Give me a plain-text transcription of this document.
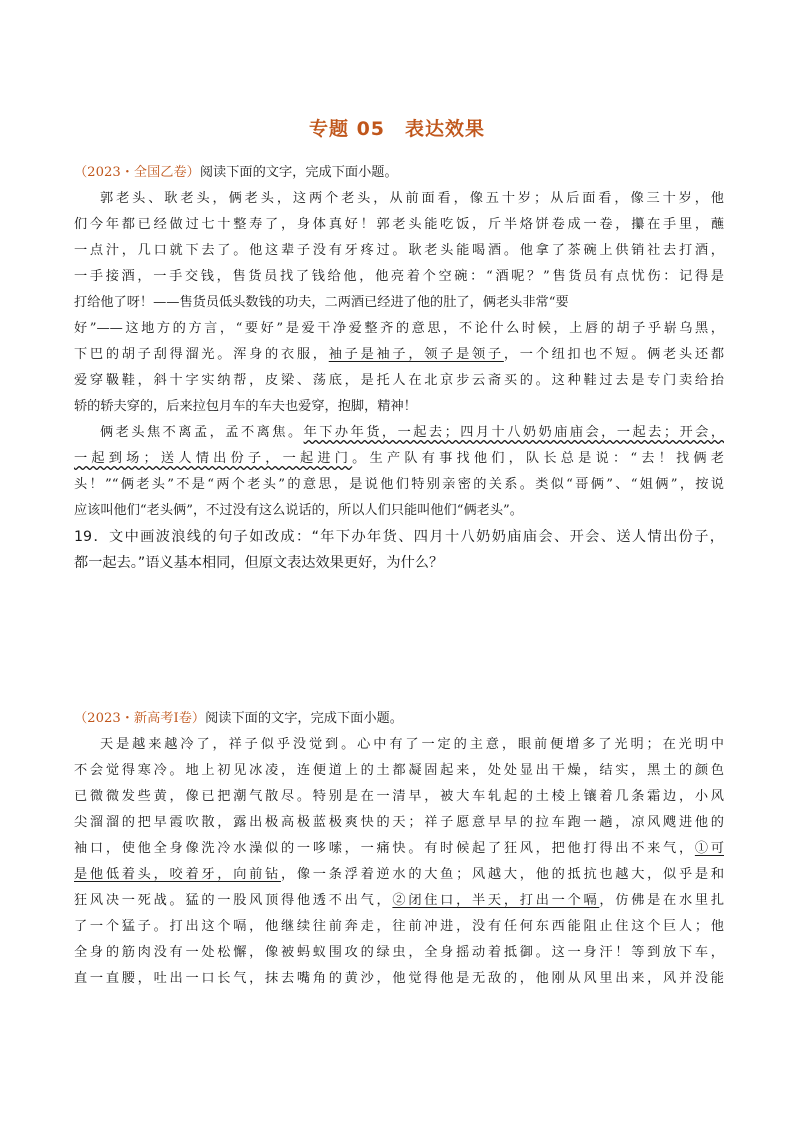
专题 05 表达效果
（2023・全国乙卷）阅读下面的文字，完成下面小题。
郭老头、耿老头，俩老头，这两个老头，从前面看，像五十岁；从后面看，像三十岁，他
们今年都已经做过七十整寿了，身体真好！郭老头能吃饭，斤半烙饼卷成一卷，攥在手里，蘸
一点汁，几口就下去了。他这辈子没有牙疼过。耿老头能喝酒。他拿了茶碗上供销社去打酒，
一手接酒，一手交钱，售货员找了钱给他，他亮着个空碗：“酒呢？”售货员有点忧伤：记得是
打给他了呀！——售货员低头数钱的功夫，二两酒已经进了他的肚了，俩老头非常“要
好”——这地方的方言，“要好”是爱干净爱整齐的意思，不论什么时候，上唇的胡子乎崭乌黑，
下巴的胡子刮得溜光。浑身的衣服，袖子是袖子，领子是领子，一个纽扣也不短。俩老头还都
爱穿靸鞋，斜十字实纳帮，皮梁、荡底，是托人在北京步云斋买的。这种鞋过去是专门卖给抬
轿的轿夫穿的，后来拉包月车的车夫也爱穿，抱脚，精神！
俩老头焦不离孟，孟不离焦。年下办年货，一起去；四月十八奶奶庙庙会，一起去；开会，
一起到场；送人情出份子，一起进门。生产队有事找他们，队长总是说：“去！找俩老
头！”“俩老头”不是“两个老头”的意思，是说他们特别亲密的关系。类似“哥俩”、“姐俩”，按说
应该叫他们“老头俩”，不过没有这么说话的，所以人们只能叫他们“俩老头”。
19．文中画波浪线的句子如改成：“年下办年货、四月十八奶奶庙庙会、开会、送人情出份子，
都一起去。”语义基本相同，但原文表达效果更好，为什么？
（2023・新高考Ⅰ卷）阅读下面的文字，完成下面小题。
天是越来越冷了，祥子似乎没觉到。心中有了一定的主意，眼前便增多了光明；在光明中
不会觉得寒冷。地上初见冰凌，连便道上的土都凝固起来，处处显出干燥，结实，黑土的颜色
已微微发些黄，像已把潮气散尽。特别是在一清早，被大车轧起的土棱上镶着几条霜边，小风
尖溜溜的把早霞吹散，露出极高极蓝极爽快的天；祥子愿意早早的拉车跑一趟，凉风飕进他的
袖口，使他全身像洗冷水澡似的一哆嗦，一痛快。有时候起了狂风，把他打得出不来气，①可
是他低着头，咬着牙，向前钻，像一条浮着逆水的大鱼；风越大，他的抵抗也越大，似乎是和
狂风决一死战。猛的一股风顶得他透不出气，②闭住口，半天，打出一个嗝，仿佛是在水里扎
了一个猛子。打出这个嗝，他继续往前奔走，往前冲进，没有任何东西能阻止住这个巨人；他
全身的筋肉没有一处松懈，像被蚂蚁围攻的绿虫，全身摇动着抵御。这一身汗！等到放下车，
直一直腰，吐出一口长气，抹去嘴角的黄沙，他觉得他是无敌的，他刚从风里出来，风并没能
